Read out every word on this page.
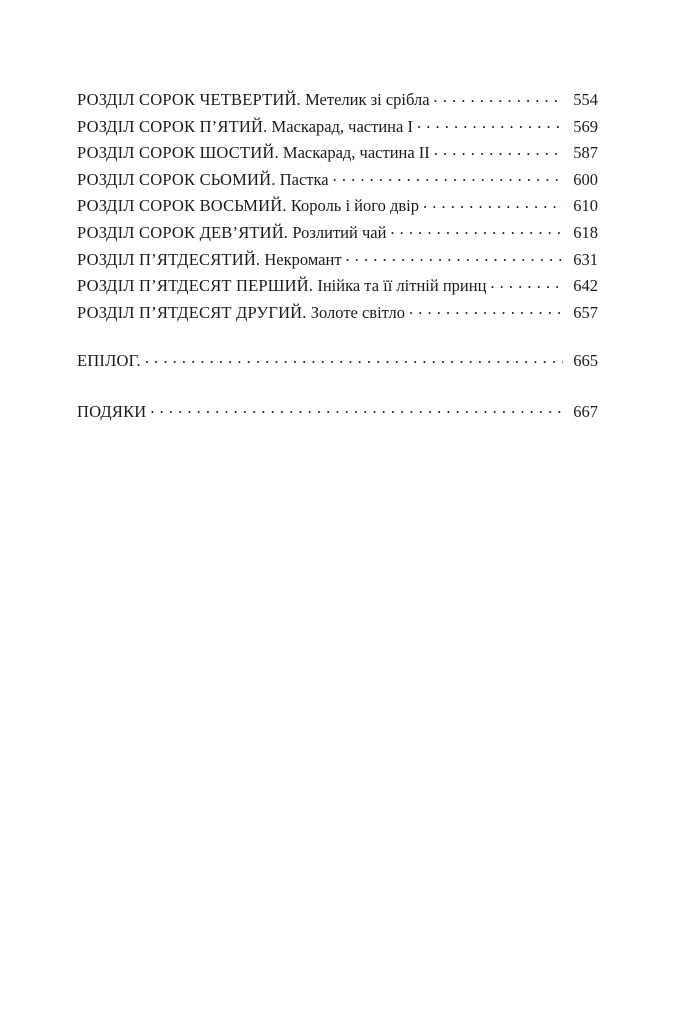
РОЗДІЛ СОРОК ЧЕТВЕРТИЙ. Метелик зі срібла . . .	554
РОЗДІЛ СОРОК П’ЯТИЙ. Маскарад, частина I . . .	569
РОЗДІЛ СОРОК ШОСТИЙ. Маскарад, частина II . . .	587
РОЗДІЛ СОРОК СЬОМИЙ. Пастка . . .	600
РОЗДІЛ СОРОК ВОСЬМИЙ. Король і його двір . . .	610
РОЗДІЛ СОРОК ДЕВ’ЯТИЙ. Розлитий чай . . .	618
РОЗДІЛ П’ЯТДЕСЯТИЙ. Некромант . . .	631
РОЗДІЛ П’ЯТДЕСЯТ ПЕРШИЙ. Інійка та її літній принц . . .	642
РОЗДІЛ П’ЯТДЕСЯТ ДРУГИЙ. Золоте світло . . .	657
ЕПІЛОГ. . . .	665
ПОДЯКИ . . .	667
